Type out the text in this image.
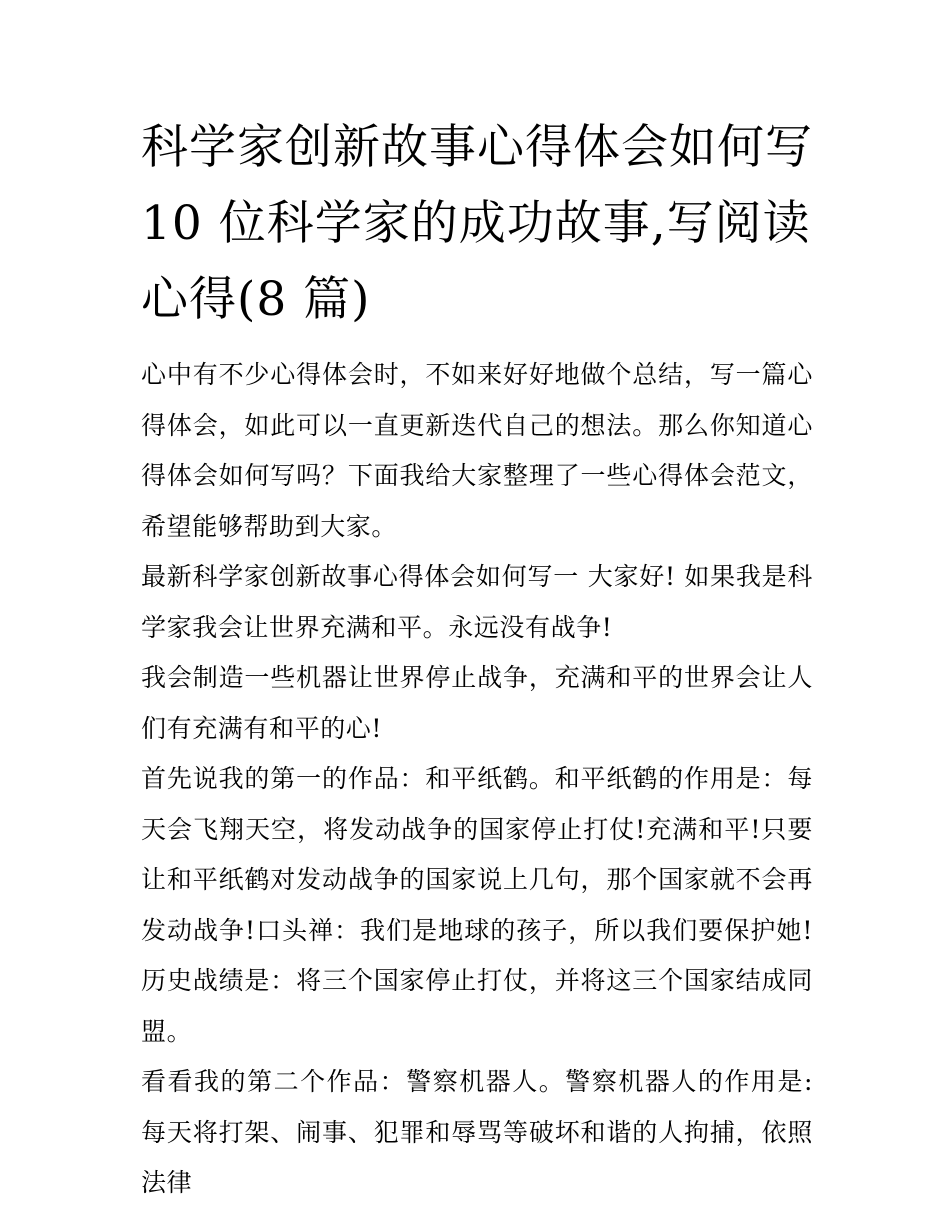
科学家创新故事心得体会如何写 10 位科学家的成功故事,写阅读心得(8 篇)

心中有不少心得体会时，不如来好好地做个总结，写一篇心得体会，如此可以一直更新迭代自己的想法。那么你知道心得体会如何写吗？下面我给大家整理了一些心得体会范文，希望能够帮助到大家。

最新科学家创新故事心得体会如何写一 大家好! 如果我是科学家我会让世界充满和平。永远没有战争!

我会制造一些机器让世界停止战争，充满和平的世界会让人们有充满有和平的心!

首先说我的第一的作品：和平纸鹤。和平纸鹤的作用是：每天会飞翔天空，将发动战争的国家停止打仗!充满和平!只要让和平纸鹤对发动战争的国家说上几句，那个国家就不会再发动战争!口头禅：我们是地球的孩子，所以我们要保护她!历史战绩是：将三个国家停止打仗，并将这三个国家结成同盟。

看看我的第二个作品：警察机器人。警察机器人的作用是:每天将打架、闹事、犯罪和辱骂等破坏和谐的人拘捕，依照法律
